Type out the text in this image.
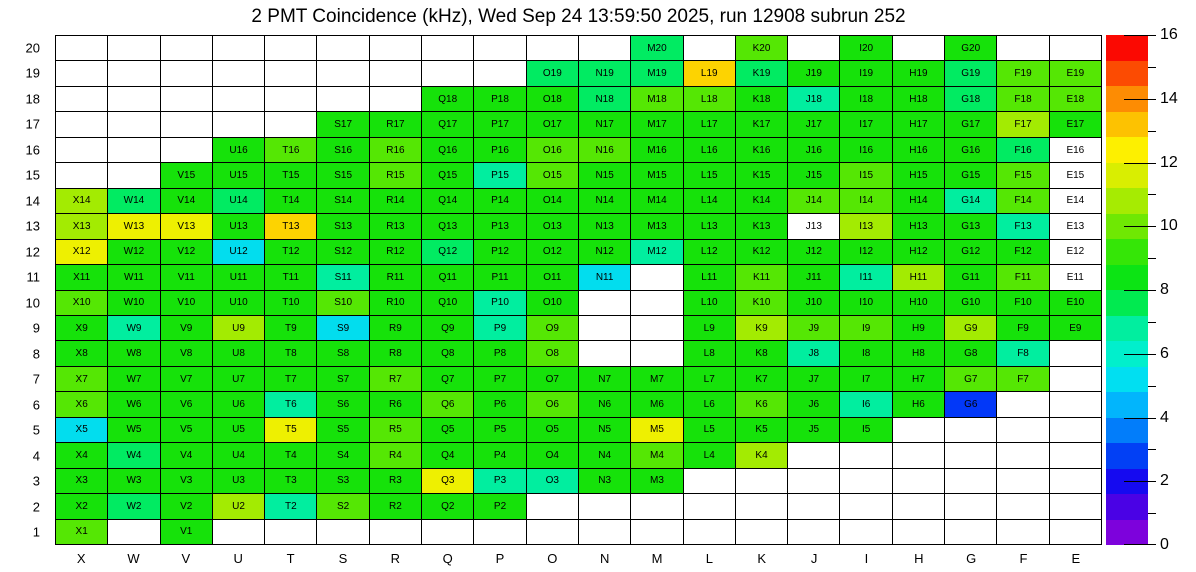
2 PMT Coincidence (kHz), Wed Sep 24 13:59:50 2025, run 12908 subrun 252
M20	K20	I20	G20
O19	N19	M19	L19	K19	J19	I19	H19	G19	F19	E19
Q18	P18	O18	N18	M18	L18	K18	J18	I18	H18	G18	F18	E18
S17	R17	Q17	P17	O17	N17	M17	L17	K17	J17	I17	H17	G17	F17	E17
U16	T16	S16	R16	Q16	P16	O16	N16	M16	L16	K16	J16	I16	H16	G16	F16	E16
V15	U15	T15	S15	R15	Q15	P15	O15	N15	M15	L15	K15	J15	I15	H15	G15	F15	E15
X14	W14	V14	U14	T14	S14	R14	Q14	P14	O14	N14	M14	L14	K14	J14	I14	H14	G14	F14	E14
X13	W13	V13	U13	T13	S13	R13	Q13	P13	O13	N13	M13	L13	K13	J13	I13	H13	G13	F13	E13
X12	W12	V12	U12	T12	S12	R12	Q12	P12	O12	N12	M12	L12	K12	J12	I12	H12	G12	F12	E12
X11	W11	V11	U11	T11	S11	R11	Q11	P11	O11	N11	L11	K11	J11	I11	H11	G11	F11	E11
X10	W10	V10	U10	T10	S10	R10	Q10	P10	O10	L10	K10	J10	I10	H10	G10	F10	E10
X9	W9	V9	U9	T9	S9	R9	Q9	P9	O9	L9	K9	J9	I9	H9	G9	F9	E9
X8	W8	V8	U8	T8	S8	R8	Q8	P8	O8	L8	K8	J8	I8	H8	G8	F8
X7	W7	V7	U7	T7	S7	R7	Q7	P7	O7	N7	M7	L7	K7	J7	I7	H7	G7	F7
X6	W6	V6	U6	T6	S6	R6	Q6	P6	O6	N6	M6	L6	K6	J6	I6	H6	G6
X5	W5	V5	U5	T5	S5	R5	Q5	P5	O5	N5	M5	L5	K5	J5	I5
X4	W4	V4	U4	T4	S4	R4	Q4	P4	O4	N4	M4	L4	K4
X3	W3	V3	U3	T3	S3	R3	Q3	P3	O3	N3	M3
X2	W2	V2	U2	T2	S2	R2	Q2	P2
X1	V1
20
19
18
17
16
15
14
13
12
11
10
9
8
7
6
5
4
3
2
1
X	W	V	U	T	S	R	Q	P	O	N	M	L	K	J	I	H	G	F	E
0
2
4
6
8
10
12
14
16
